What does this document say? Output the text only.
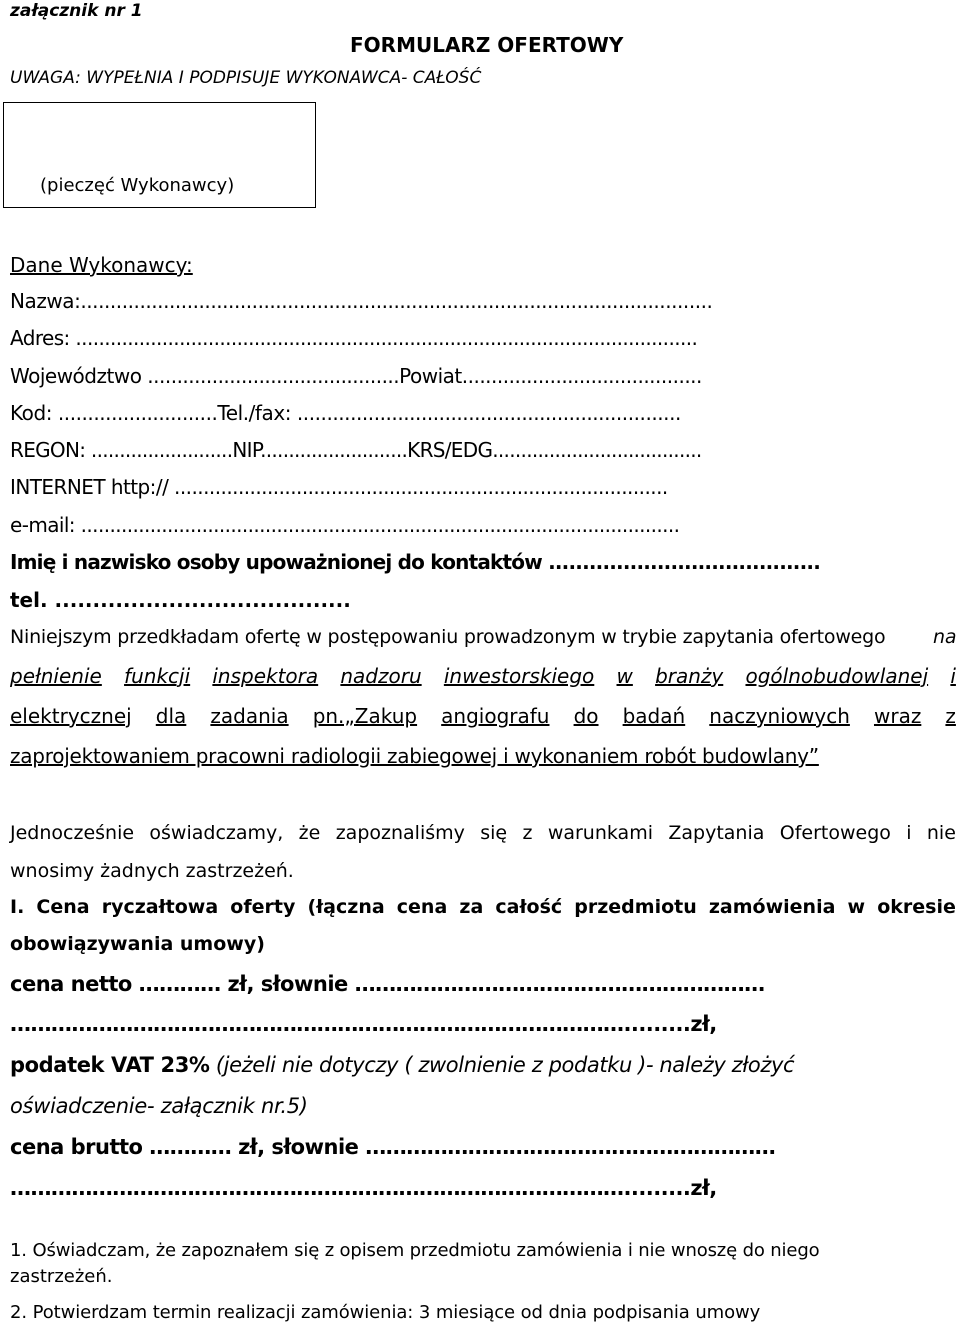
załącznik nr 1
FORMULARZ OFERTOWY
UWAGA: WYPEŁNIA I PODPISUJE WYKONAWCA- CAŁOŚĆ
(pieczęć Wykonawcy)
Dane Wykonawcy:
Nazwa:...........................................................................................................
Adres: ............................................................................................................
Województwo ...........................................Powiat.........................................
Kod: ...........................Tel./fax: .................................................................
REGON: .........................NIP..........................KRS/EDG.....................................
INTERNET http:// .....................................................................................
e-mail: ........................................................................................................
Imię i nazwisko osoby upoważnionej do kontaktów ........................................
tel. .......................................
Niniejszym przedkładam ofertę w postępowaniu prowadzonym w trybie zapytania ofertowego	na
pełnienie funkcji inspektora nadzoru inwestorskiego w branży ogólnobudowlanej i
elektrycznej dla zadania pn.„Zakup angiografu do badań naczyniowych wraz z
zaprojektowaniem pracowni radiologii zabiegowej i wykonaniem robót budowlany”
Jednocześnie oświadczamy, że zapoznaliśmy się z warunkami Zapytania Ofertowego i nie
wnosimy żadnych zastrzeżeń.
I. Cena ryczałtowa oferty (łączna cena za całość przedmiotu zamówienia w okresie
obowiązywania umowy)
cena netto ………… zł, słownie ……………………………………………………
……………………………………………………………………………….........zł,
podatek VAT 23% (jeżeli nie dotyczy ( zwolnienie z podatku )- należy złożyć
oświadczenie- załącznik nr.5)
cena brutto ………… zł, słownie ……………………………………………………
……………………………………………………………………………….........zł,
1. Oświadczam, że zapoznałem się z opisem przedmiotu zamówienia i nie wnoszę do niego
zastrzeżeń.
2. Potwierdzam termin realizacji zamówienia: 3 miesiące od dnia podpisania umowy
